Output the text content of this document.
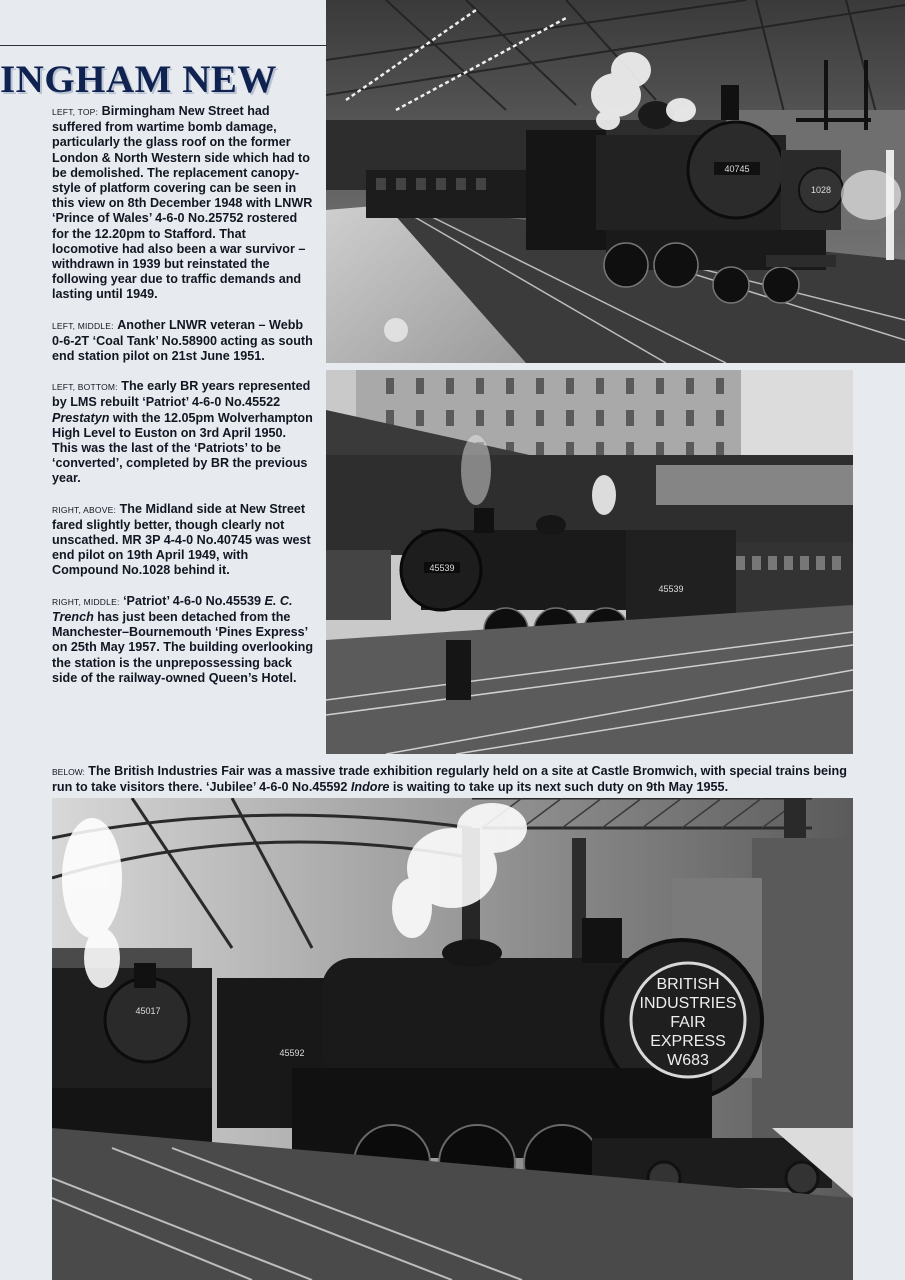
INGHAM NEW

LEFT, TOP: Birmingham New Street had suffered from wartime bomb damage, particularly the glass roof on the former London & North Western side which had to be demolished. The replacement canopy-style of platform covering can be seen in this view on 8th December 1948 with LNWR ‘Prince of Wales’ 4-6-0 No.25752 rostered for the 12.20pm to Stafford. That locomotive had also been a war survivor – withdrawn in 1939 but reinstated the following year due to traffic demands and lasting until 1949.

LEFT, MIDDLE: Another LNWR veteran – Webb 0-6-2T ‘Coal Tank’ No.58900 acting as south end station pilot on 21st June 1951.

LEFT, BOTTOM: The early BR years represented by LMS rebuilt ‘Patriot’ 4-6-0 No.45522 Prestatyn with the 12.05pm Wolverhampton High Level to Euston on 3rd April 1950. This was the last of the ‘Patriots’ to be ‘converted’, completed by BR the previous year.

RIGHT, ABOVE: The Midland side at New Street fared slightly better, though clearly not unscathed. MR 3P 4-4-0 No.40745 was west end pilot on 19th April 1949, with Compound No.1028 behind it.

RIGHT, MIDDLE: ‘Patriot’ 4-6-0 No.45539 E. C. Trench has just been detached from the Manchester–Bournemouth ‘Pines Express’ on 25th May 1957. The building overlooking the station is the unprepossessing back side of the railway-owned Queen’s Hotel.

40745
1028
45539
45539
BELOW: The British Industries Fair was a massive trade exhibition regularly held on a site at Castle Bromwich, with special trains being run to take visitors there. ‘Jubilee’ 4-6-0 No.45592 Indore is waiting to take up its next such duty on 9th May 1955.
45017
45592
BRITISH
INDUSTRIES
FAIR
EXPRESS
W683
